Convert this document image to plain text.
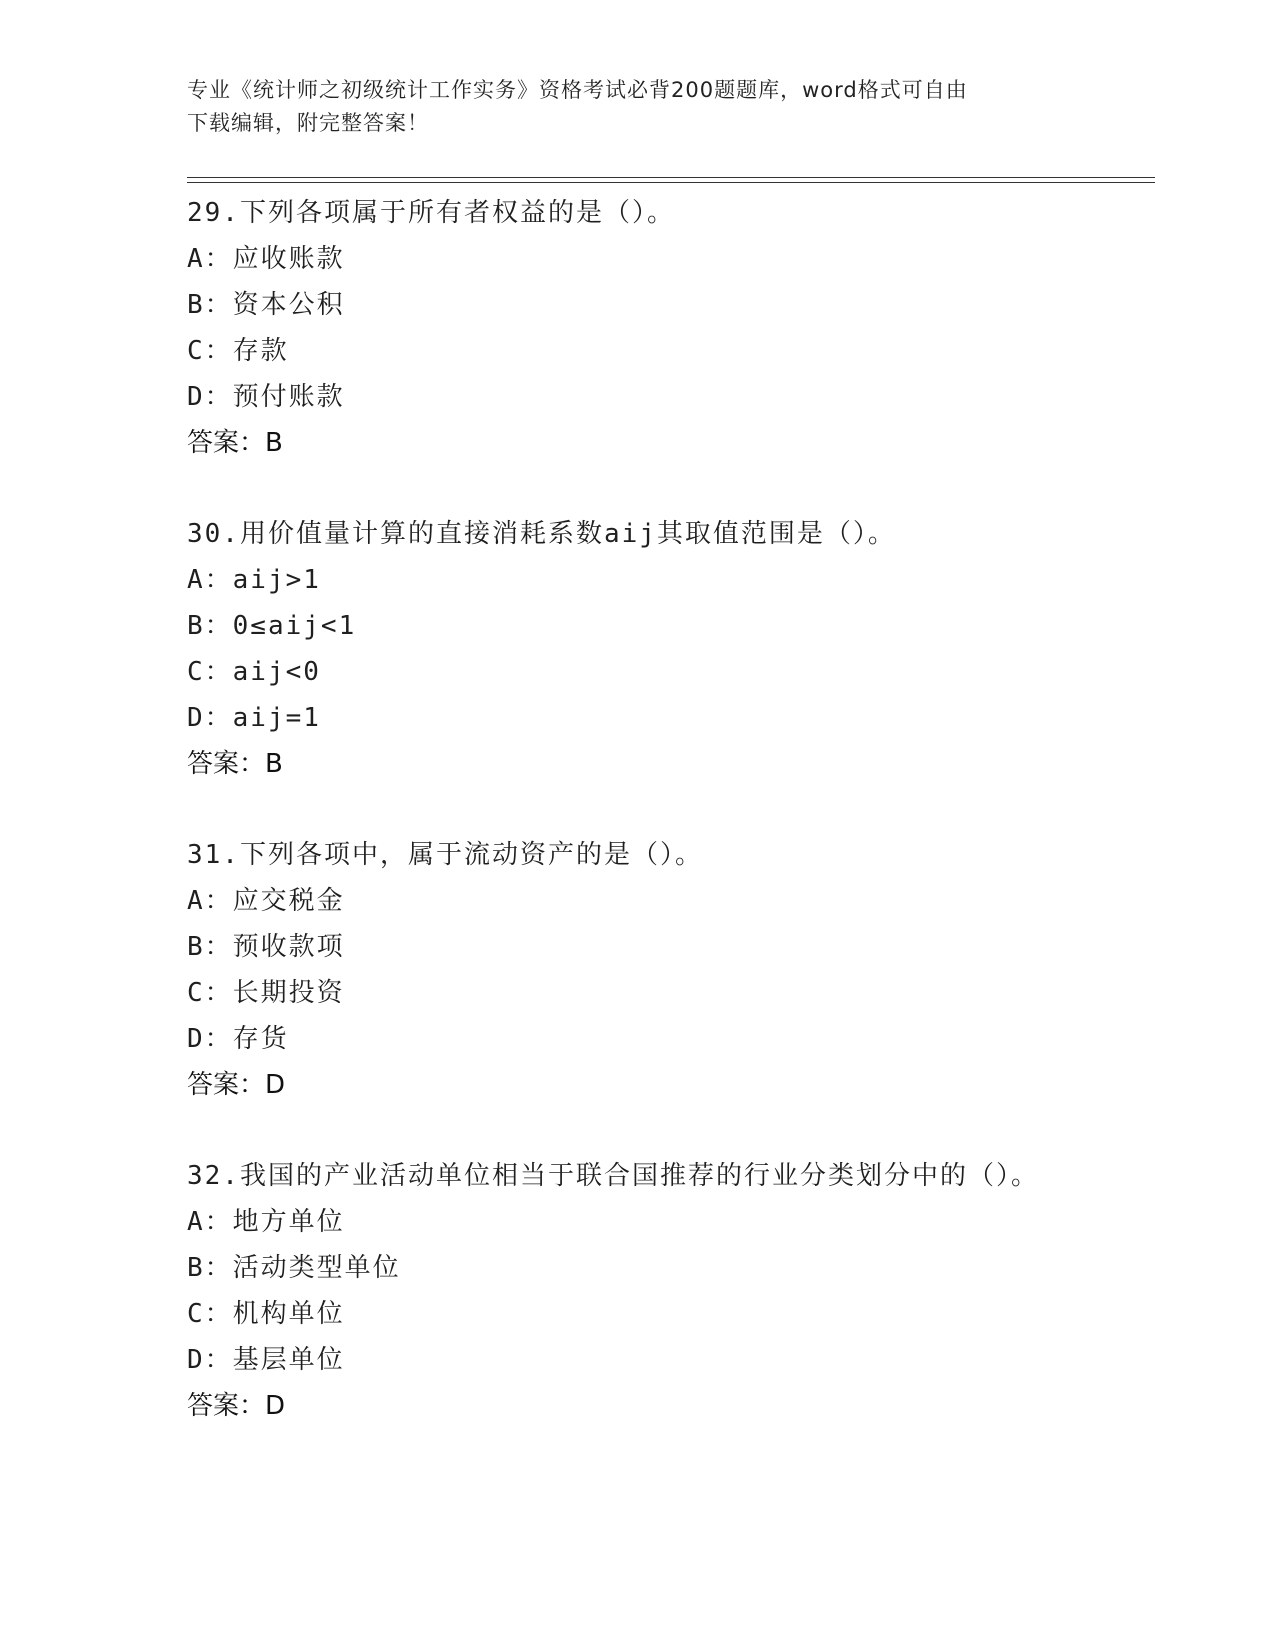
专业《统计师之初级统计工作实务》资格考试必背200题题库，word格式可自由
下载编辑，附完整答案！
29.下列各项属于所有者权益的是（）。
A：应收账款
B：资本公积
C：存款
D：预付账款
答案：B
30.用价值量计算的直接消耗系数aij其取值范围是（）。
A：aij>1
B：0≤aij<1
C：aij<0
D：aij=1
答案：B
31.下列各项中，属于流动资产的是（）。
A：应交税金
B：预收款项
C：长期投资
D：存货
答案：D
32.我国的产业活动单位相当于联合国推荐的行业分类划分中的（）。
A：地方单位
B：活动类型单位
C：机构单位
D：基层单位
答案：D
